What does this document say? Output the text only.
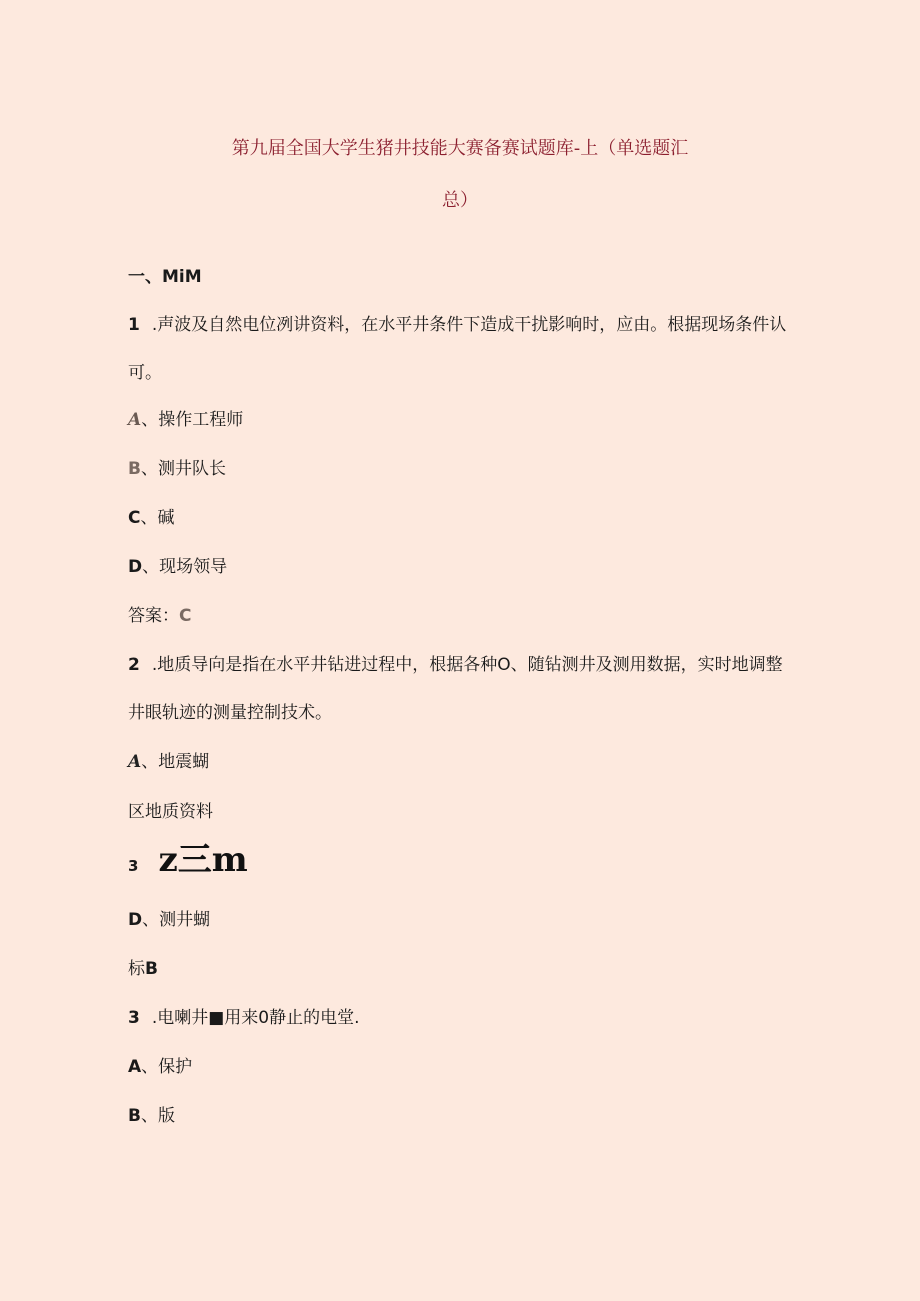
第九届全国大学生猪井技能大赛备赛试题库-上（单选题汇
总）
一、MiM
1 .声波及自然电位冽讲资料，在水平井条件下造成干扰影响时，应由。根据现场条件认
可。
A、操作工程师
B、测井队长
C、碱
D、现场领导
答案：C
2 .地质导向是指在水平井钻进过程中，根据各种O、随钻测井及测用数据，实时地调整
井眼轨迹的测量控制技术。
A、地震蝴
区地质资料
3 z三m
D、测井蝴
标B
3 .电喇井■用来0静止的电堂.
A、保护
B、版
